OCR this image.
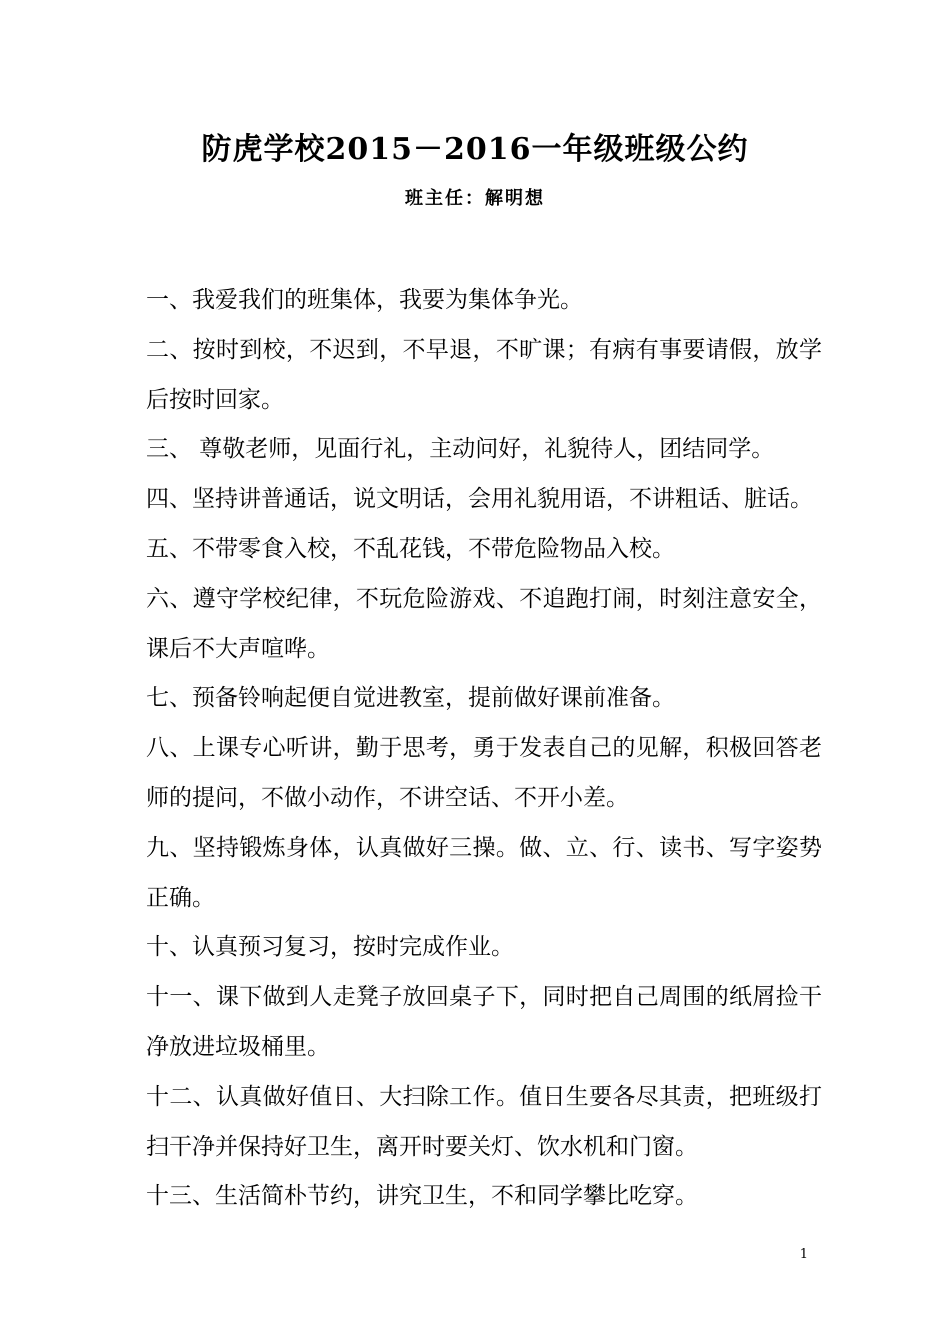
防虎学校2015－2016一年级班级公约
班主任：解明想
一、我爱我们的班集体，我要为集体争光。
二、按时到校，不迟到，不早退，不旷课；有病有事要请假，放学后按时回家。
三、 尊敬老师，见面行礼，主动问好，礼貌待人，团结同学。
四、坚持讲普通话，说文明话，会用礼貌用语，不讲粗话、脏话。
五、不带零食入校，不乱花钱，不带危险物品入校。
六、遵守学校纪律，不玩危险游戏、不追跑打闹，时刻注意安全，课后不大声喧哗。
七、预备铃响起便自觉进教室，提前做好课前准备。
八、上课专心听讲，勤于思考，勇于发表自己的见解，积极回答老师的提问，不做小动作，不讲空话、不开小差。
九、坚持锻炼身体，认真做好三操。做、立、行、读书、写字姿势正确。
十、认真预习复习，按时完成作业。
十一、课下做到人走凳子放回桌子下，同时把自己周围的纸屑捡干净放进垃圾桶里。
十二、认真做好值日、大扫除工作。值日生要各尽其责，把班级打扫干净并保持好卫生，离开时要关灯、饮水机和门窗。
十三、生活简朴节约，讲究卫生，不和同学攀比吃穿。
1
